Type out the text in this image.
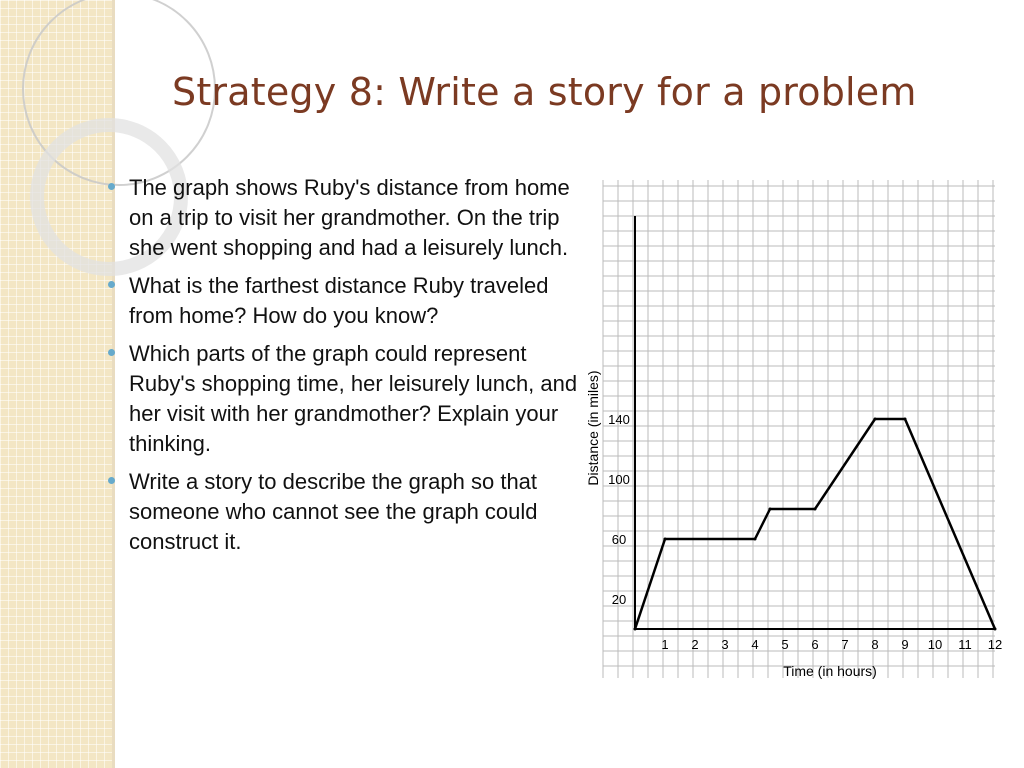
Strategy 8: Write a story for a problem
The graph shows Ruby's distance from home on a trip to visit her grandmother. On the trip she went shopping and had a leisurely lunch.
What is the farthest distance Ruby traveled from home? How do you know?
Which parts of the graph could represent Ruby's shopping time, her leisurely lunch, and her visit with her grandmother? Explain your thinking.
Write a story to describe the graph so that someone who cannot see the graph could construct it.
1 2 3 4 5 6 7 8 9 10 11 12
20
60
100
140
Time (in hours)
Distance (in miles)
